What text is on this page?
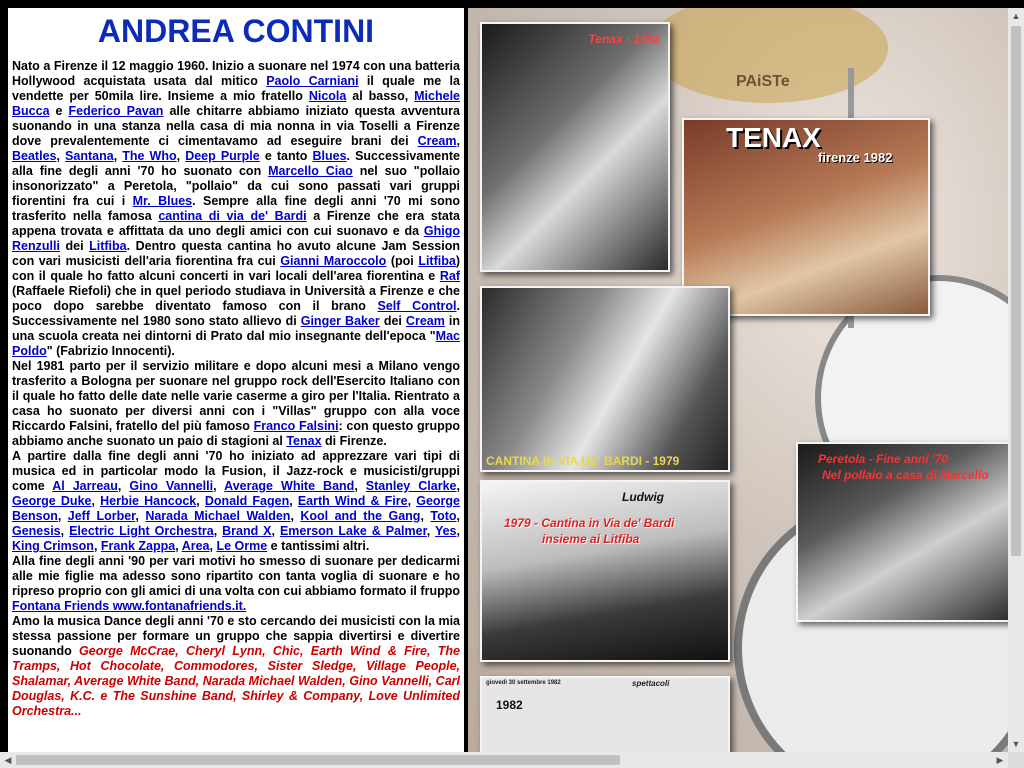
ANDREA CONTINI
Nato a Firenze il 12 maggio 1960. Inizio a suonare nel 1974 con una batteria Hollywood acquistata usata dal mitico Paolo Carniani il quale me la vendette per 50mila lire. Insieme a mio fratello Nicola al basso, Michele Bucca e Federico Pavan alle chitarre abbiamo iniziato questa avventura suonando in una stanza nella casa di mia nonna in via Toselli a Firenze dove prevalentemente ci cimentavamo ad eseguire brani dei Cream, Beatles, Santana, The Who, Deep Purple e tanto Blues. Successivamente alla fine degli anni '70 ho suonato con Marcello Ciao nel suo "pollaio insonorizzato" a Peretola, "pollaio" da cui sono passati vari gruppi fiorentini fra cui i Mr. Blues. Sempre alla fine degli anni '70 mi sono trasferito nella famosa cantina di via de' Bardi a Firenze che era stata appena trovata e affittata da uno degli amici con cui suonavo e da Ghigo Renzulli dei Litfiba. Dentro questa cantina ho avuto alcune Jam Session con vari musicisti dell'aria fiorentina fra cui Gianni Maroccolo (poi Litfiba) con il quale ho fatto alcuni concerti in vari locali dell'area fiorentina e Raf (Raffaele Riefoli) che in quel periodo studiava in Università a Firenze e che poco dopo sarebbe diventato famoso con il brano Self Control. Successivamente nel 1980 sono stato allievo di Ginger Baker dei Cream in una scuola creata nei dintorni di Prato dal mio insegnante dell'epoca "Mac Poldo" (Fabrizio Innocenti).
Nel 1981 parto per il servizio militare e dopo alcuni mesi a Milano vengo trasferito a Bologna per suonare nel gruppo rock dell'Esercito Italiano con il quale ho fatto delle date nelle varie caserme a giro per l'Italia. Rientrato a casa ho suonato per diversi anni con i "Villas" gruppo con alla voce Riccardo Falsini, fratello del più famoso Franco Falsini: con questo gruppo abbiamo anche suonato un paio di stagioni al Tenax di Firenze.
A partire dalla fine degli anni '70 ho iniziato ad apprezzare vari tipi di musica ed in particolar modo la Fusion, il Jazz-rock e musicisti/gruppi come Al Jarreau, Gino Vannelli, Average White Band, Stanley Clarke, George Duke, Herbie Hancock, Donald Fagen, Earth Wind & Fire, George Benson, Jeff Lorber, Narada Michael Walden, Kool and the Gang, Toto, Genesis, Electric Light Orchestra, Brand X, Emerson Lake & Palmer, Yes, King Crimson, Frank Zappa, Area, Le Orme e tantissimi altri.
Alla fine degli anni '90 per vari motivi ho smesso di suonare per dedicarmi alle mie figlie ma adesso sono ripartito con tanta voglia di suonare e ho ripreso proprio con gli amici di una volta con cui abbiamo formato il fruppo Fontana Friends www.fontanafriends.it.
Amo la musica Dance degli anni '70 e sto cercando dei musicisti con la mia stessa passione per formare un gruppo che sappia divertirsi e divertire suonando George McCrae, Cheryl Lynn, Chic, Earth Wind & Fire, The Tramps, Hot Chocolate, Commodores, Sister Sledge, Village People, Shalamar, Average White Band, Narada Michael Walden, Gino Vannelli, Carl Douglas, K.C. e The Sunshine Band, Shirley & Company, Love Unlimited Orchestra...
PAiSTe
Tenax - 1982
TENAX
firenze 1982
CANTINA IN VIA DE' BARDI - 1979
Ludwig
1979 - Cantina in Via de' Bardi
insieme ai Litfiba
Peretola - Fine anni '70
Nel pollaio a casa di Marcello
giovedì 30 settembre 1982	spettacoli
1982
▲
▼
◀	▶
